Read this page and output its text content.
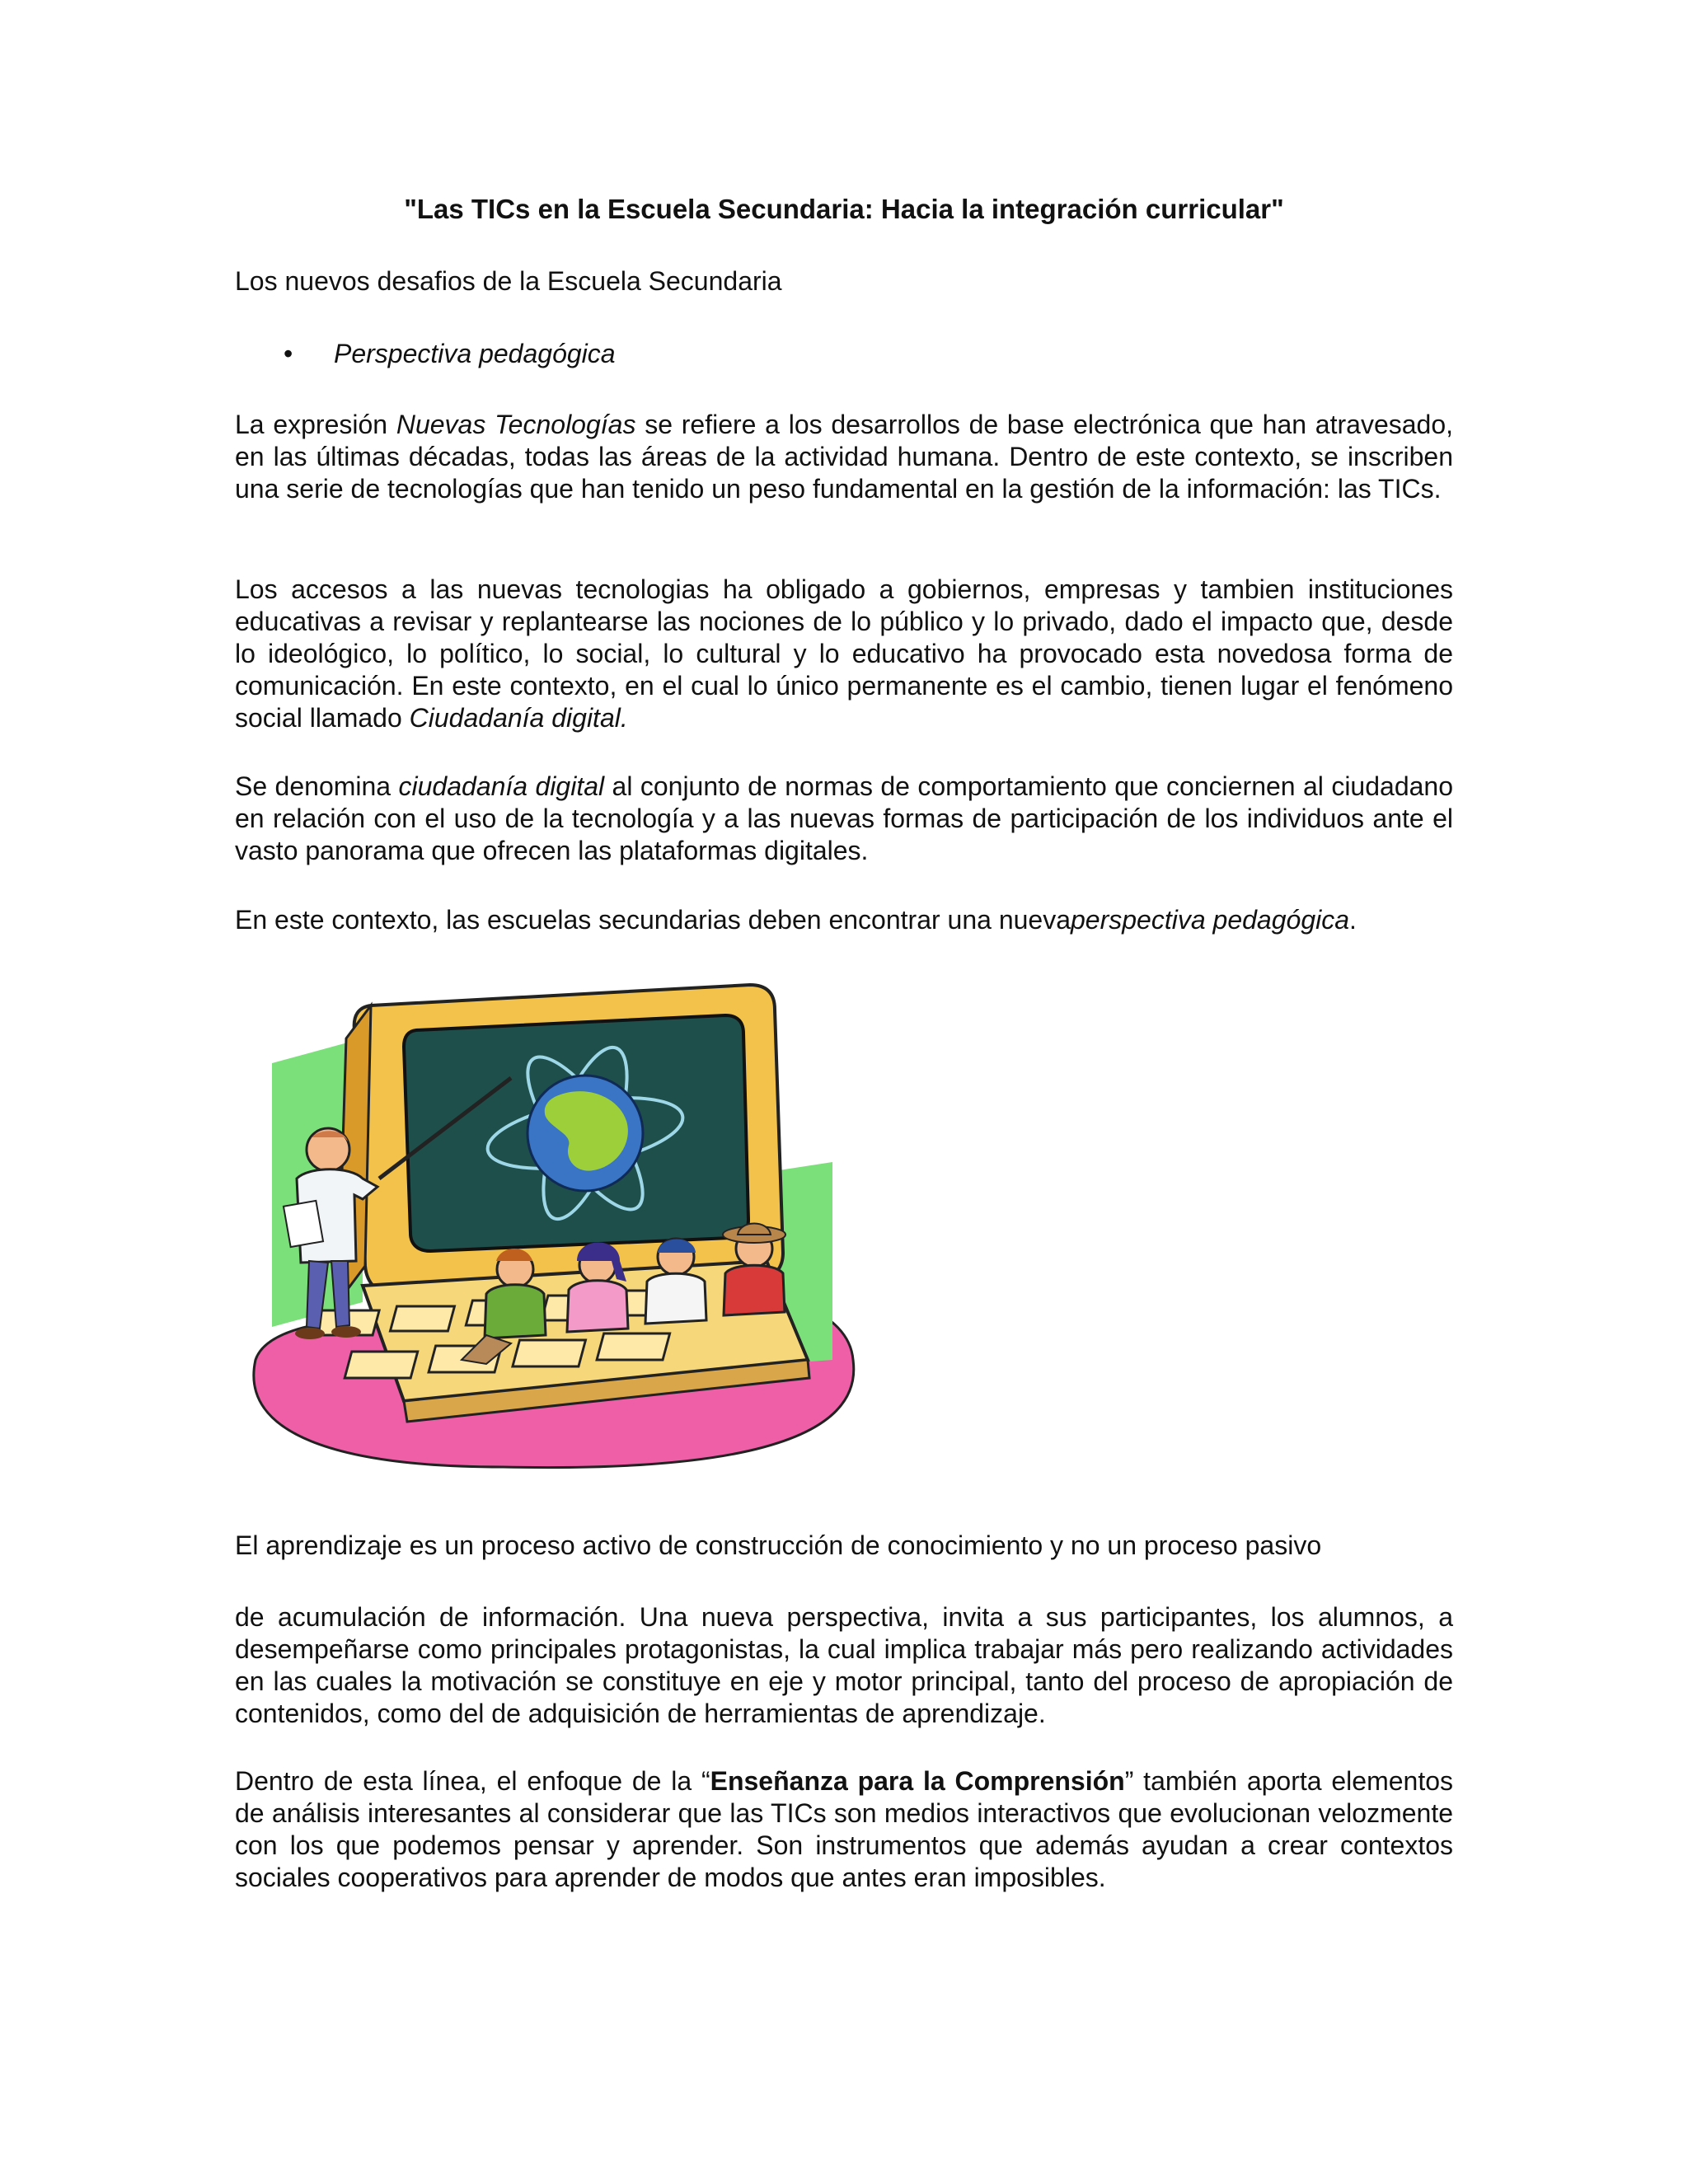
"Las TICs en la Escuela Secundaria: Hacia la integración curricular"
Los nuevos desafios de la Escuela Secundaria
• Perspectiva pedagógica
La expresión Nuevas Tecnologías se refiere a los desarrollos de base electrónica que han atravesado, en las últimas décadas, todas las áreas de la actividad humana. Dentro de este contexto, se inscriben una serie de tecnologías que han tenido un peso fundamental en la gestión de la información: las TICs.
Los accesos a las nuevas tecnologias ha obligado a gobiernos, empresas y tambien instituciones educativas a revisar y replantearse las nociones de lo público y lo privado, dado el impacto que, desde lo ideológico, lo político, lo social, lo cultural y lo educativo ha provocado esta novedosa forma de comunicación. En este contexto, en el cual lo único permanente es el cambio, tienen lugar el fenómeno social llamado Ciudadanía digital.
Se denomina ciudadanía digital al conjunto de normas de comportamiento que conciernen al ciudadano en relación con el uso de la tecnología y a las nuevas formas de participación de los individuos ante el vasto panorama que ofrecen las plataformas digitales.
En este contexto, las escuelas secundarias deben encontrar una nuevaperspectiva pedagógica.
El aprendizaje es un proceso activo de construcción de conocimiento y no un proceso pasivo
de acumulación de información. Una nueva perspectiva, invita a sus participantes, los alumnos, a desempeñarse como principales protagonistas, la cual implica trabajar más pero realizando actividades en las cuales la motivación se constituye en eje y motor principal, tanto del proceso de apropiación de contenidos, como del de adquisición de herramientas de aprendizaje.
Dentro de esta línea, el enfoque de la “Enseñanza para la Comprensión” también aporta elementos de análisis interesantes al considerar que las TICs son medios interactivos que evolucionan velozmente con los que podemos pensar y aprender. Son instrumentos que además ayudan a crear contextos sociales cooperativos para aprender de modos que antes eran imposibles.
